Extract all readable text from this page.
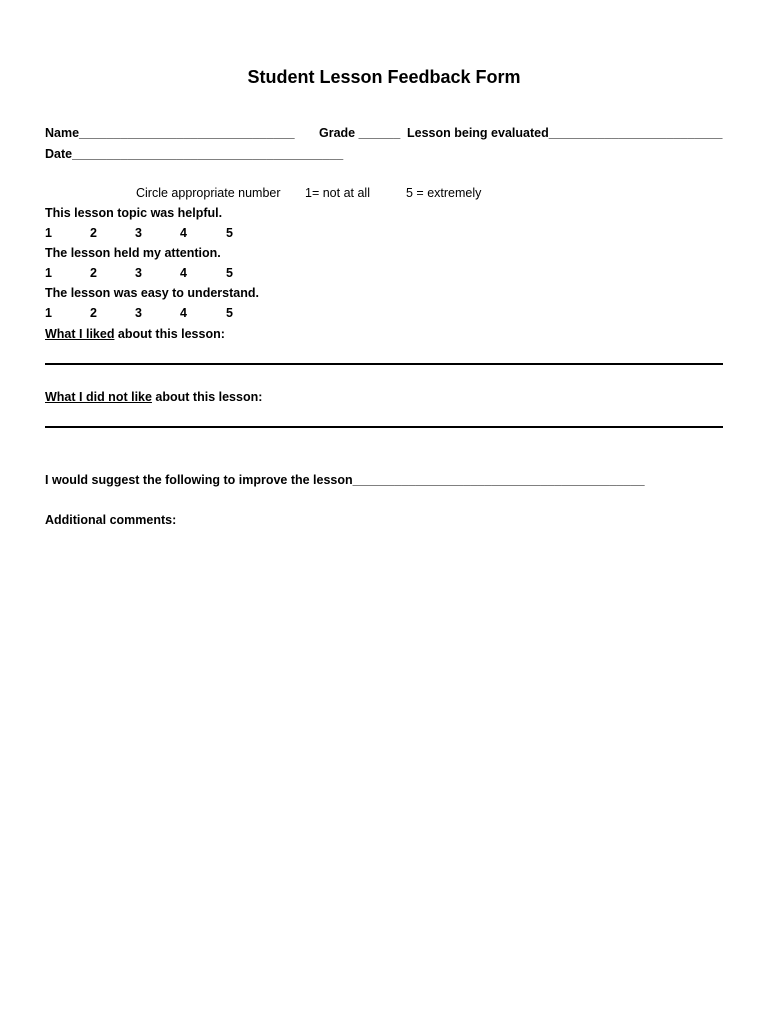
Student Lesson Feedback Form
Name_______________________________ Grade ______ Lesson being evaluated_________________________
Date_______________________________________
Circle appropriate number 1= not at all	5 = extremely
This lesson topic was helpful.
1	2	3	4	5
The lesson held my attention.
1	2	3	4	5
The lesson was easy to understand.
1	2	3	4	5
What I liked about this lesson:
What I did not like about this lesson:
I would suggest the following to improve the lesson__________________________________________
Additional comments:
